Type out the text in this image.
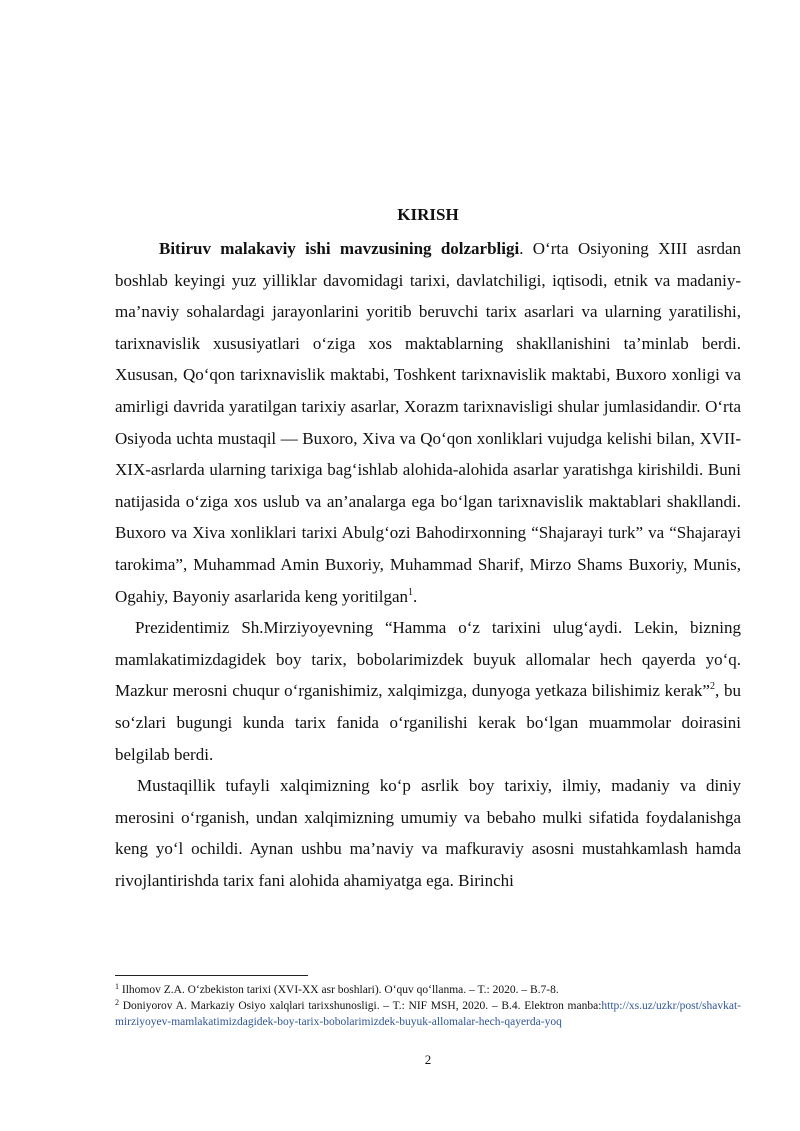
KIRISH

Bitiruv malakaviy ishi mavzusining dolzarbligi. O‘rta Osiyoning XIII asrdan boshlab keyingi yuz yilliklar davomidagi tarixi, davlatchiligi, iqtisodi, etnik va madaniy-ma’naviy sohalardagi jarayonlarini yoritib beruvchi tarix asarlari va ularning yaratilishi, tarixnavislik xususiyatlari o‘ziga xos maktablarning shakllanishini ta’minlab berdi. Xususan, Qo‘qon tarixnavislik maktabi, Toshkent tarixnavislik maktabi, Buxoro xonligi va amirligi davrida yaratilgan tarixiy asarlar, Xorazm tarixnavisligi shular jumlasidandir. O‘rta Osiyoda uchta mustaqil — Buxoro, Xiva va Qo‘qon xonliklari vujudga kelishi bilan, XVII-XIX-asrlarda ularning tarixiga bag‘ishlab alohida-alohida asarlar yaratishga kirishildi. Buni natijasida o‘ziga xos uslub va an’analarga ega bo‘lgan tarixnavislik maktablari shakllandi. Buxoro va Xiva xonliklari tarixi Abulg‘ozi Bahodirxonning “Shajarayi turk” va “Shajarayi tarokima”, Muhammad Amin Buxoriy, Muhammad Sharif, Mirzo Shams Buxoriy, Munis, Ogahiy, Bayoniy asarlarida keng yoritilgan$^1$.

Prezidentimiz Sh.Mirziyoyevning “Hamma o‘z tarixini ulug‘aydi. Lekin, bizning mamlakatimizdagidek boy tarix, bobolarimizdek buyuk allomalar hech qayerda yo‘q. Mazkur merosni chuqur o‘rganishimiz, xalqimizga, dunyoga yetkaza bilishimiz kerak”$^2$, bu so‘zlari bugungi kunda tarix fanida o‘rganilishi kerak bo‘lgan muammolar doirasini belgilab berdi.

Mustaqillik tufayli xalqimizning ko‘p asrlik boy tarixiy, ilmiy, madaniy va diniy merosini o‘rganish, undan xalqimizning umumiy va bebaho mulki sifatida foydalanishga keng yo‘l ochildi. Aynan ushbu ma’naviy va mafkuraviy asosni mustahkamlash hamda rivojlantirishda tarix fani alohida ahamiyatga ega. Birinchi

$^1$ Ilhomov Z.A. O‘zbekiston tarixi (XVI-XX asr boshlari). O‘quv qo‘llanma. – T.: 2020. – B.7-8.

$^2$ Doniyorov A. Markaziy Osiyo xalqlari tarixshunosligi. – T.: NIF MSH, 2020. – B.4. Elektron manba:http://xs.uz/uzkr/post/shavkat-mirziyoyev-mamlakatimizdagidek-boy-tarix-bobolarimizdek-buyuk-allomalar-hech-qayerda-yoq

2
